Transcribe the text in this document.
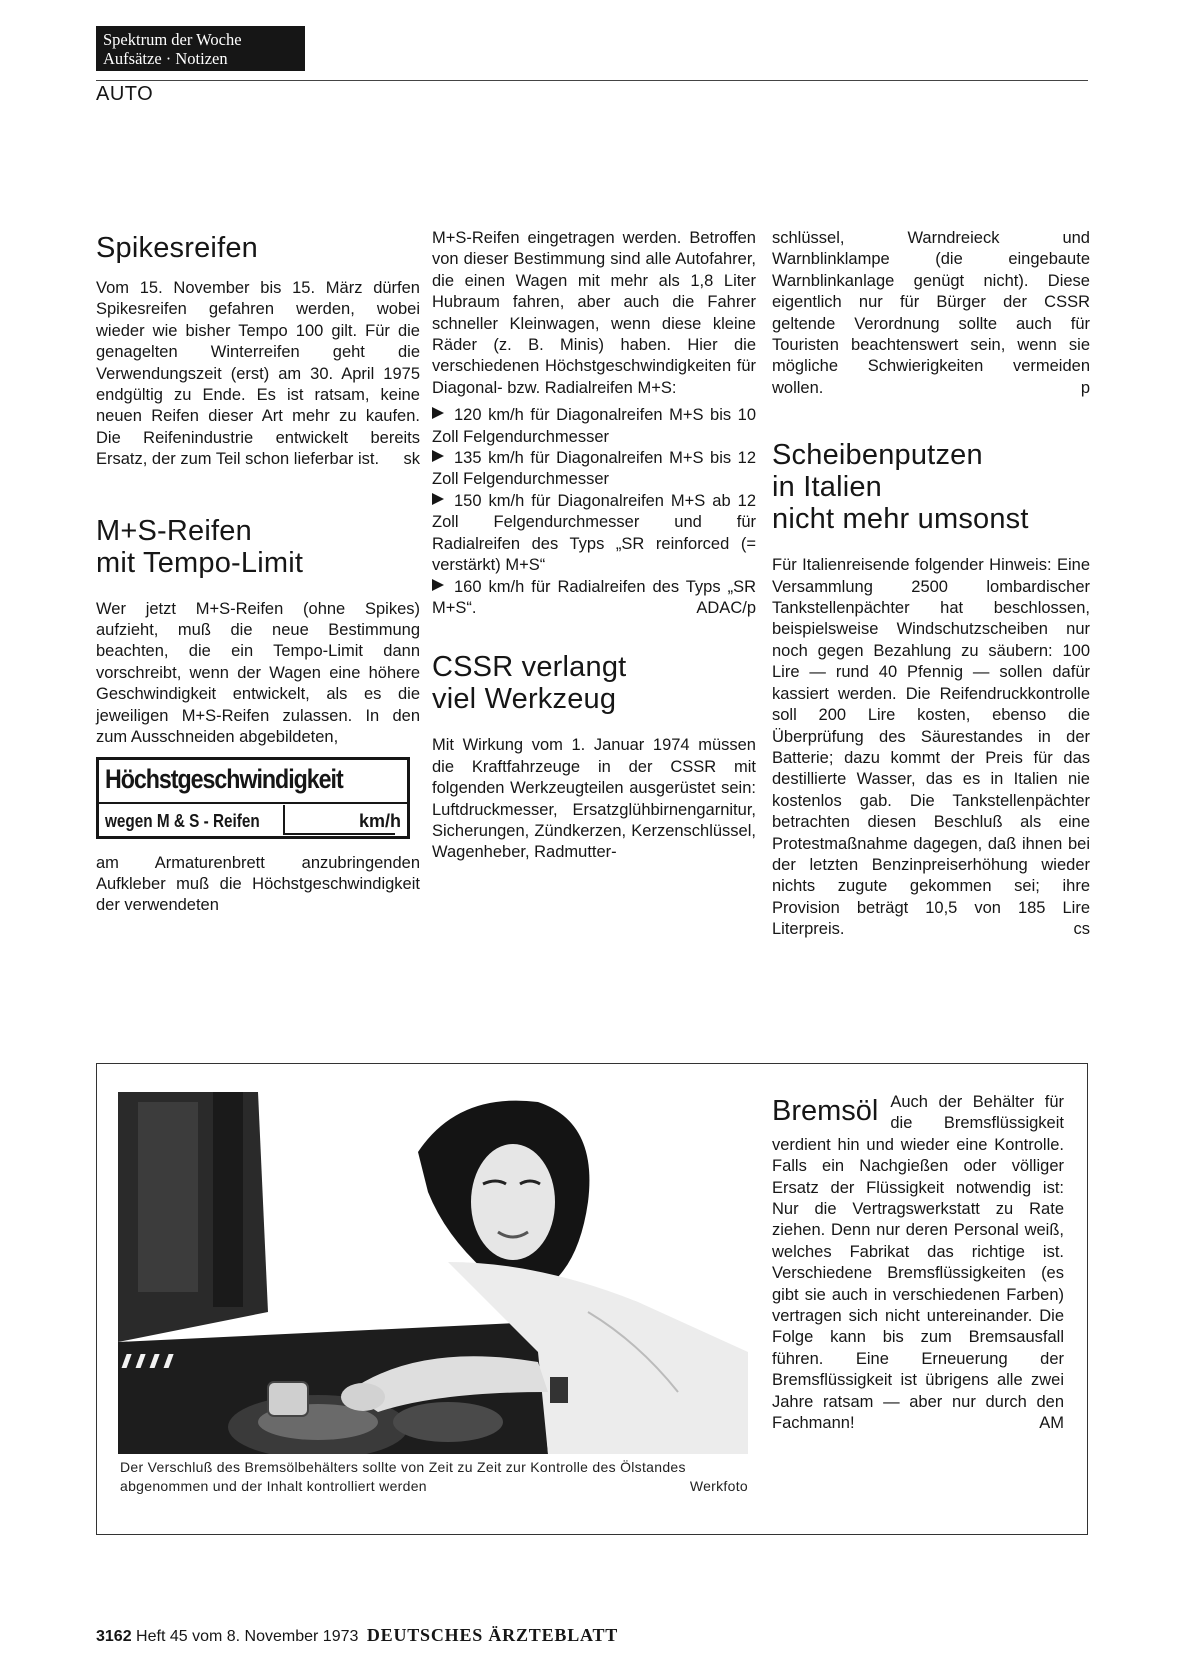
Spektrum der Woche
Aufsätze · Notizen
AUTO
Spikesreifen

Vom 15. November bis 15. März dürfen Spikesreifen gefahren werden, wobei wieder wie bisher Tempo 100 gilt. Für die genagelten Winterreifen geht die Verwendungszeit (erst) am 30. April 1975 endgültig zu Ende. Es ist ratsam, keine neuen Reifen dieser Art mehr zu kaufen. Die Reifenindustrie entwickelt bereits Ersatz, der zum Teil schon lieferbar ist. sk

M+S-Reifen
mit Tempo-Limit

Wer jetzt M+S-Reifen (ohne Spikes) aufzieht, muß die neue Bestimmung beachten, die ein Tempo-Limit dann vorschreibt, wenn der Wagen eine höhere Geschwindigkeit entwickelt, als es die jeweiligen M+S-Reifen zulassen. In den zum Ausschneiden abgebildeten,

Höchstgeschwindigkeit
wegen M & S - Reifen	km/h

am Armaturenbrett anzubringenden Aufkleber muß die Höchstgeschwindigkeit der verwendeten

M+S-Reifen eingetragen werden. Betroffen von dieser Bestimmung sind alle Autofahrer, die einen Wagen mit mehr als 1,8 Liter Hubraum fahren, aber auch die Fahrer schneller Kleinwagen, wenn diese kleine Räder (z. B. Minis) haben. Hier die verschiedenen Höchstgeschwindigkeiten für Diagonal- bzw. Radialreifen M+S:

120 km/h für Diagonalreifen M+S bis 10 Zoll Felgendurchmesser

135 km/h für Diagonalreifen M+S bis 12 Zoll Felgendurchmesser

150 km/h für Diagonalreifen M+S ab 12 Zoll Felgendurchmesser und für Radialreifen des Typs „SR reinforced (= verstärkt) M+S“

160 km/h für Radialreifen des Typs „SR M+S“.	ADAC/p

CSSR verlangt
viel Werkzeug

Mit Wirkung vom 1. Januar 1974 müssen die Kraftfahrzeuge in der CSSR mit folgenden Werkzeugteilen ausgerüstet sein: Luftdruckmesser, Ersatzglühbirnengarnitur, Sicherungen, Zündkerzen, Kerzenschlüssel, Wagenheber, Radmutter-

schlüssel, Warndreieck und Warnblinklampe (die eingebaute Warnblinkanlage genügt nicht). Diese eigentlich nur für Bürger der CSSR geltende Verordnung sollte auch für Touristen beachtenswert sein, wenn sie mögliche Schwierigkeiten vermeiden wollen.	p

Scheibenputzen
in Italien
nicht mehr umsonst

Für Italienreisende folgender Hinweis: Eine Versammlung 2500 lombardischer Tankstellenpächter hat beschlossen, beispielsweise Windschutzscheiben nur noch gegen Bezahlung zu säubern: 100 Lire — rund 40 Pfennig — sollen dafür kassiert werden. Die Reifendruckkontrolle soll 200 Lire kosten, ebenso die Überprüfung des Säurestandes in der Batterie; dazu kommt der Preis für das destillierte Wasser, das es in Italien nie kostenlos gab. Die Tankstellenpächter betrachten diesen Beschluß als eine Protestmaßnahme dagegen, daß ihnen bei der letzten Benzinpreiserhöhung wieder nichts zugute gekommen sei; ihre Provision beträgt 10,5 von 185 Lire Literpreis.	cs

Der Verschluß des Bremsölbehälters sollte von Zeit zu Zeit zur Kontrolle des Ölstandes abgenommen und der Inhalt kontrolliert werden	Werkfoto
Bremsöl Auch der Behälter für die Bremsflüssigkeit verdient hin und wieder eine Kontrolle. Falls ein Nachgießen oder völliger Ersatz der Flüssigkeit notwendig ist: Nur die Vertragswerkstatt zu Rate ziehen. Denn nur deren Personal weiß, welches Fabrikat das richtige ist. Verschiedene Bremsflüssigkeiten (es gibt sie auch in verschiedenen Farben) vertragen sich nicht untereinander. Die Folge kann bis zum Bremsausfall führen. Eine Erneuerung der Bremsflüssigkeit ist übrigens alle zwei Jahre ratsam — aber nur durch den Fachmann!	AM

3162 Heft 45 vom 8. November 1973 DEUTSCHES ÄRZTEBLATT
